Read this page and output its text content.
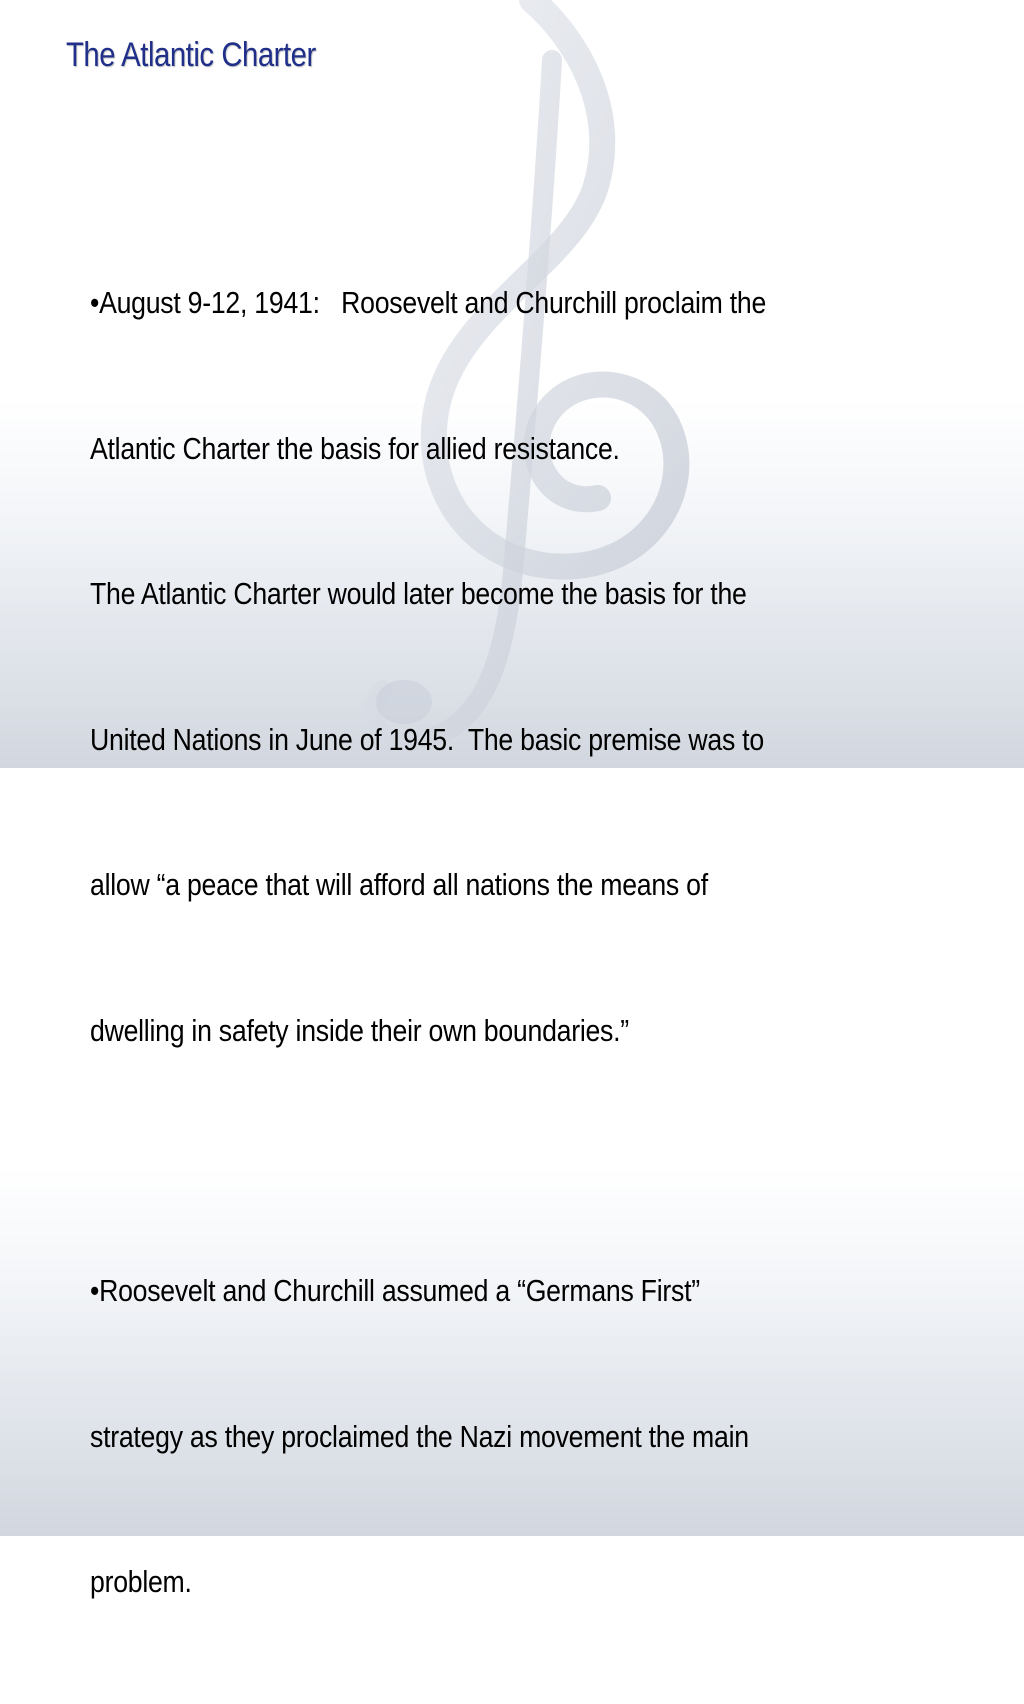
The Atlantic Charter

•August 9-12, 1941:   Roosevelt and Churchill proclaim the

Atlantic Charter the basis for allied resistance.

The Atlantic Charter would later become the basis for the

United Nations in June of 1945.  The basic premise was to

allow “a peace that will afford all nations the means of

dwelling in safety inside their own boundaries.”

•Roosevelt and Churchill assumed a “Germans First”

strategy as they proclaimed the Nazi movement the main

problem.
